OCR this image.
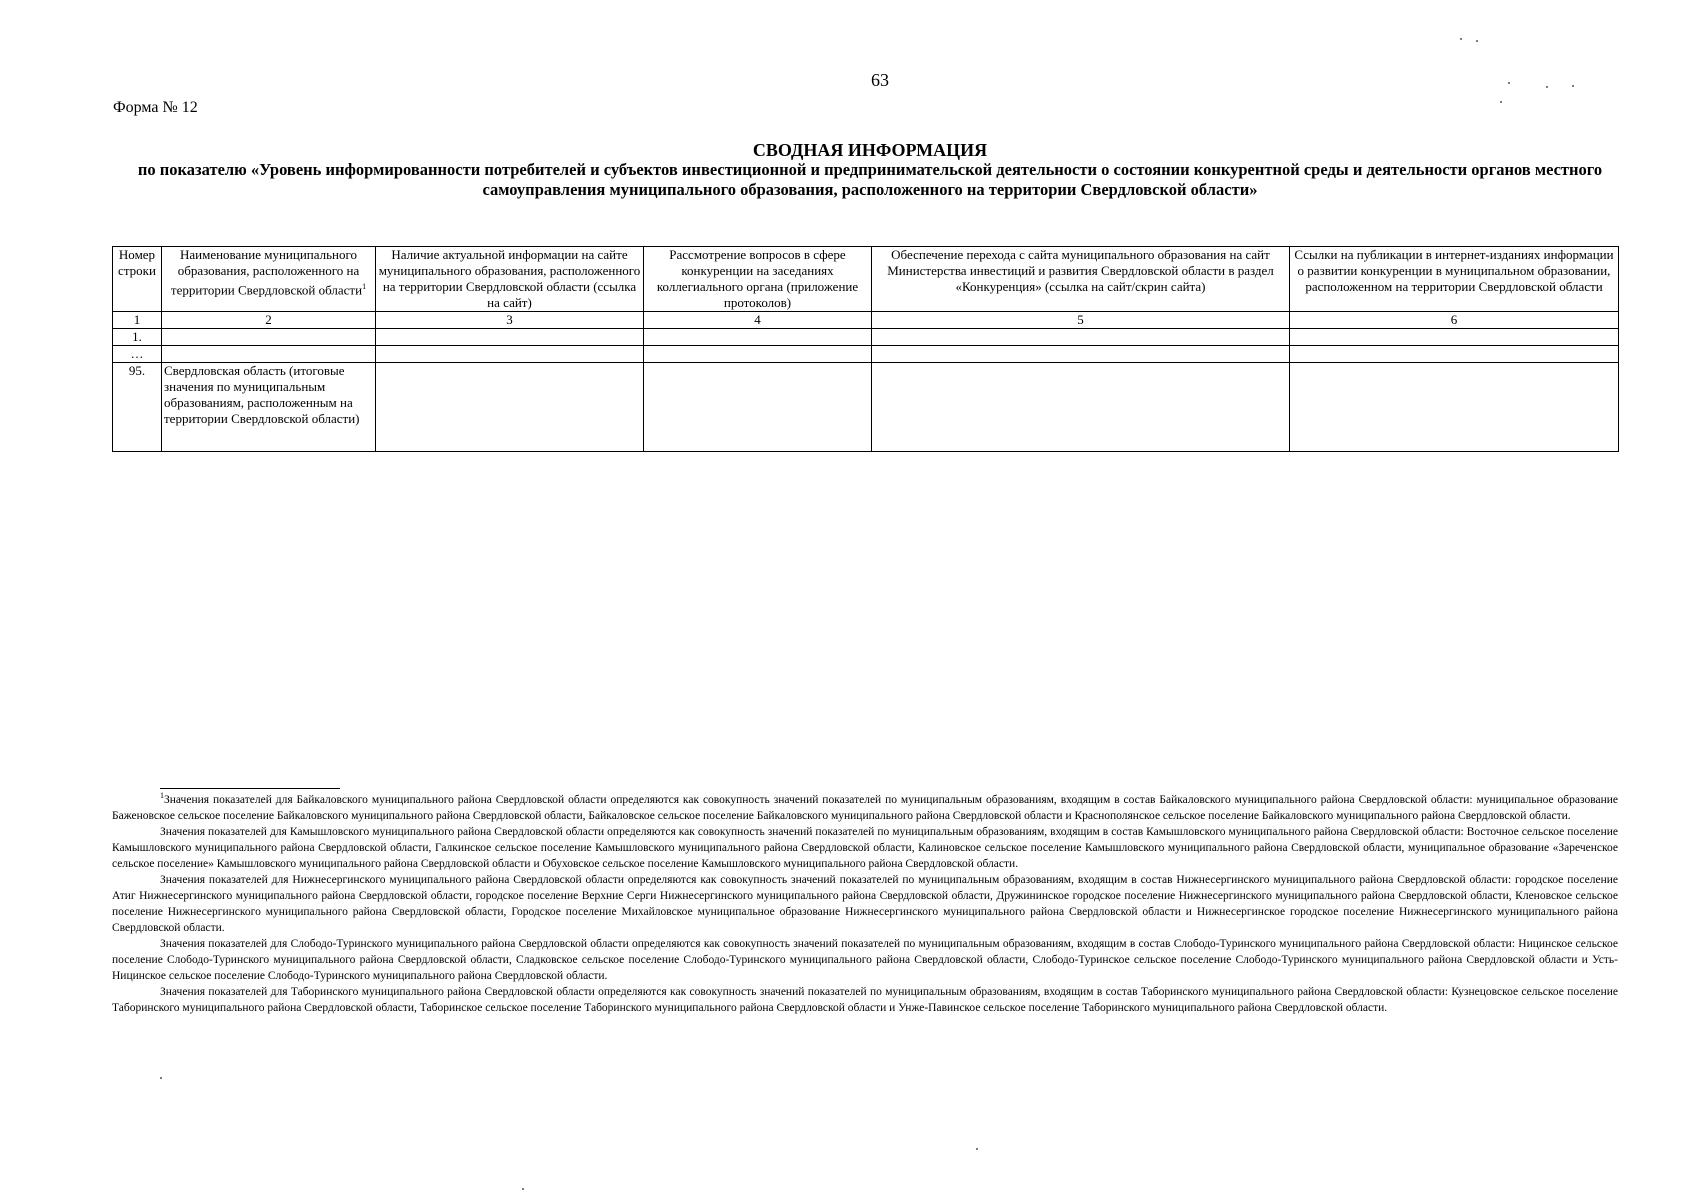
63
Форма № 12
СВОДНАЯ ИНФОРМАЦИЯ
по показателю «Уровень информированности потребителей и субъектов инвестиционной и предпринимательской деятельности о состоянии конкурентной среды и деятельности органов местного самоуправления муниципального образования, расположенного на территории Свердловской области»
Номер строки	Наименование муниципального образования, расположенного на территории Свердловской области$^1$	Наличие актуальной информации на сайте муниципального образования, расположенного на территории Свердловской области (ссылка на сайт)	Рассмотрение вопросов в сфере конкуренции на заседаниях коллегиального органа (приложение протоколов)	Обеспечение перехода с сайта муниципального образования на сайт Министерства инвестиций и развития Свердловской области в раздел «Конкуренция» (ссылка на сайт/скрин сайта)	Ссылки на публикации в интернет-изданиях информации о развитии конкуренции в муниципальном образовании, расположенном на территории Свердловской области
1	2	3	4	5	6
1.					
…					
95.	Свердловская область (итоговые значения по муниципальным образованиям, расположенным на территории Свердловской области)				

$^1$Значения показателей для Байкаловского муниципального района Свердловской области определяются как совокупность значений показателей по муниципальным образованиям, входящим в состав Байкаловского муниципального района Свердловской области: муниципальное образование Баженовское сельское поселение Байкаловского муниципального района Свердловской области, Байкаловское сельское поселение Байкаловского муниципального района Свердловской области и Краснополянское сельское поселение Байкаловского муниципального района Свердловской области.

Значения показателей для Камышловского муниципального района Свердловской области определяются как совокупность значений показателей по муниципальным образованиям, входящим в состав Камышловского муниципального района Свердловской области: Восточное сельское поселение Камышловского муниципального района Свердловской области, Галкинское сельское поселение Камышловского муниципального района Свердловской области, Калиновское сельское поселение Камышловского муниципального района Свердловской области, муниципальное образование «Зареченское сельское поселение» Камышловского муниципального района Свердловской области и Обуховское сельское поселение Камышловского муниципального района Свердловской области.

Значения показателей для Нижнесергинского муниципального района Свердловской области определяются как совокупность значений показателей по муниципальным образованиям, входящим в состав Нижнесергинского муниципального района Свердловской области: городское поселение Атиг Нижнесергинского муниципального района Свердловской области, городское поселение Верхние Серги Нижнесергинского муниципального района Свердловской области, Дружининское городское поселение Нижнесергинского муниципального района Свердловской области, Кленовское сельское поселение Нижнесергинского муниципального района Свердловской области, Городское поселение Михайловское муниципальное образование Нижнесергинского муниципального района Свердловской области и Нижнесергинское городское поселение Нижнесергинского муниципального района Свердловской области.

Значения показателей для Слободо-Туринского муниципального района Свердловской области определяются как совокупность значений показателей по муниципальным образованиям, входящим в состав Слободо-Туринского муниципального района Свердловской области: Ницинское сельское поселение Слободо-Туринского муниципального района Свердловской области, Сладковское сельское поселение Слободо-Туринского муниципального района Свердловской области, Слободо-Туринское сельское поселение Слободо-Туринского муниципального района Свердловской области и Усть-Ницинское сельское поселение Слободо-Туринского муниципального района Свердловской области.

Значения показателей для Таборинского муниципального района Свердловской области определяются как совокупность значений показателей по муниципальным образованиям, входящим в состав Таборинского муниципального района Свердловской области: Кузнецовское сельское поселение Таборинского муниципального района Свердловской области, Таборинское сельское поселение Таборинского муниципального района Свердловской области и Унже-Павинское сельское поселение Таборинского муниципального района Свердловской области.
